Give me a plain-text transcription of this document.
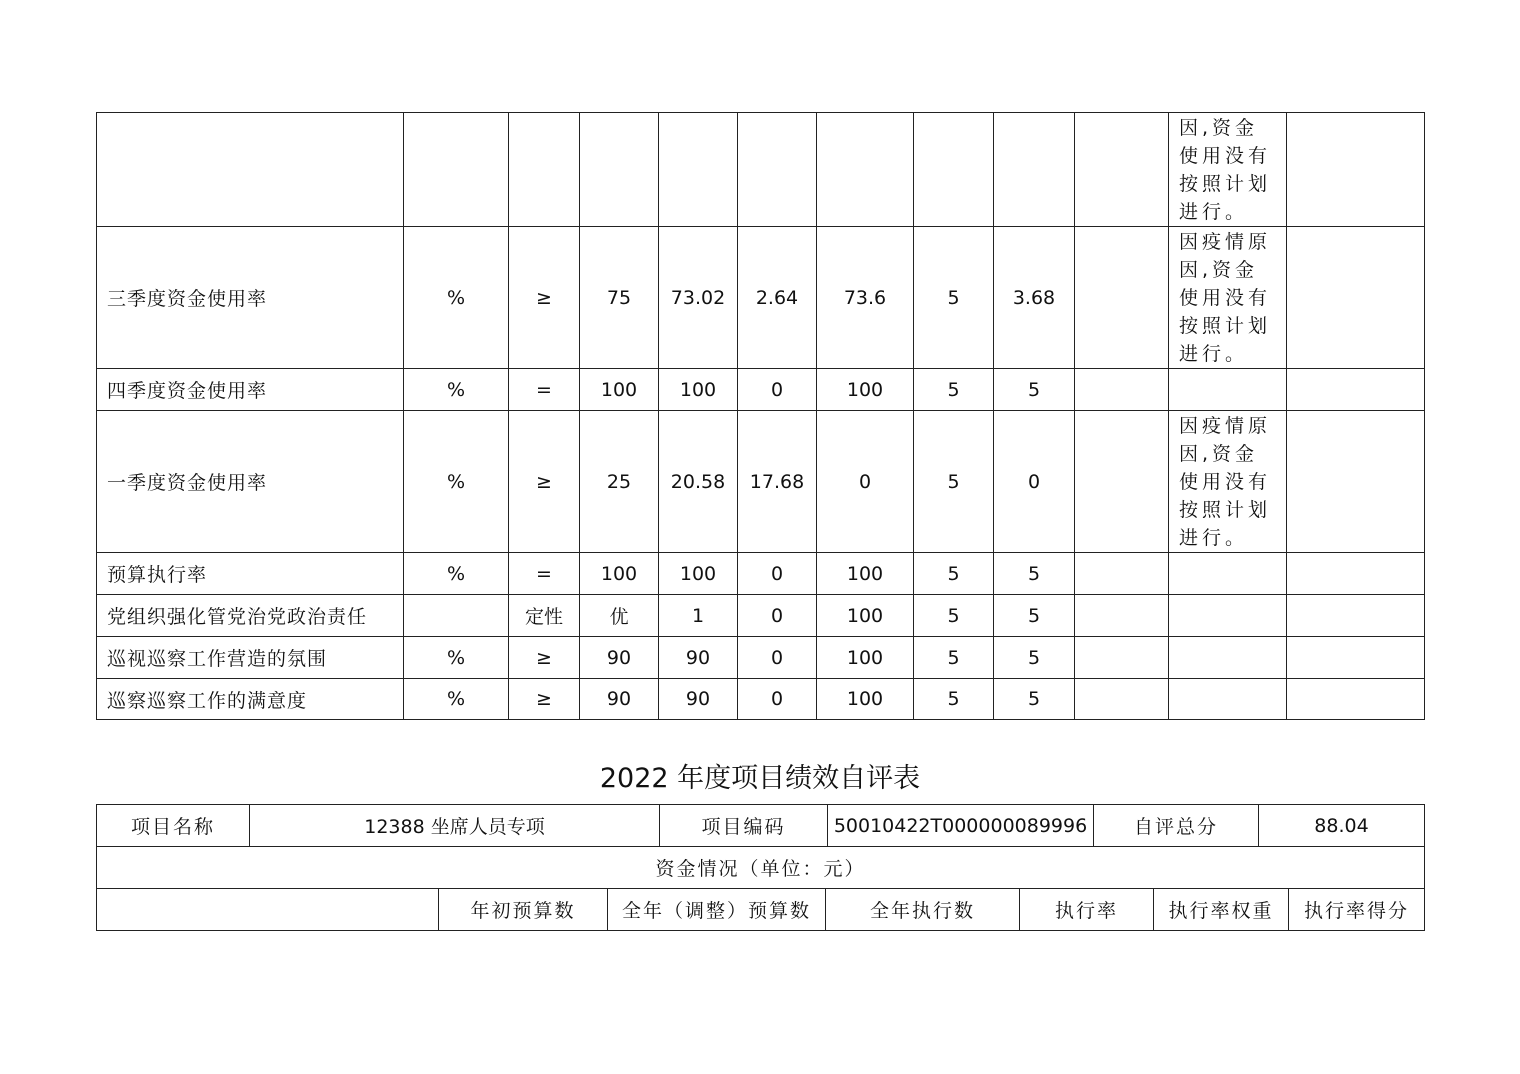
										因,资金使用没有按照计划进行。	
三季度资金使用率	%	≥	75	73.02	2.64	73.6	5	3.68		因疫情原因,资金使用没有按照计划进行。	
四季度资金使用率	%	=	100	100	0	100	5	5			
一季度资金使用率	%	≥	25	20.58	17.68	0	5	0		因疫情原因,资金使用没有按照计划进行。	
预算执行率	%	=	100	100	0	100	5	5			
党组织强化管党治党政治责任		定性	优	1	0	100	5	5			
巡视巡察工作营造的氛围	%	≥	90	90	0	100	5	5			
巡察巡察工作的满意度	%	≥	90	90	0	100	5	5			
2022 年度项目绩效自评表
项目名称	12388 坐席人员专项	项目编码	50010422T000000089996	自评总分	88.04
资金情况（单位：元）
	年初预算数	全年（调整）预算数	全年执行数	执行率	执行率权重	执行率得分
